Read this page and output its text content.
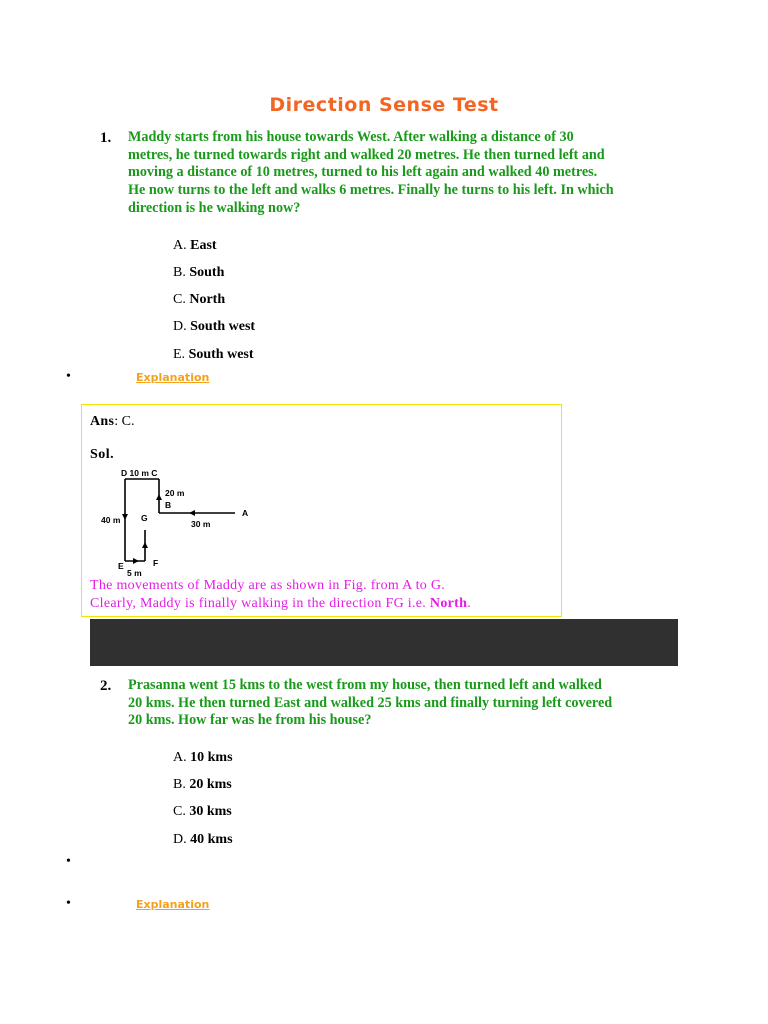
Direction Sense Test
1. Maddy starts from his house towards West. After walking a distance of 30 metres, he turned towards right and walked 20 metres. He then turned left and moving a distance of 10 metres, turned to his left again and walked 40 metres. He now turns to the left and walks 6 metres. Finally he turns to his left. In which direction is he walking now?
A. East
B. South
C. North
D. South west
E. South west
•	Explanation
Ans: C.
Sol.
D 10 m C
20 m
B
A
30 m
40 m G
E	F
5 m
The movements of Maddy are as shown in Fig. from A to G.
Clearly, Maddy is finally walking in the direction FG i.e. North.
2. Prasanna went 15 kms to the west from my house, then turned left and walked 20 kms. He then turned East and walked 25 kms and finally turning left covered 20 kms. How far was he from his house?
A. 10 kms
B. 20 kms
C. 30 kms
D. 40 kms
•
•	Explanation
